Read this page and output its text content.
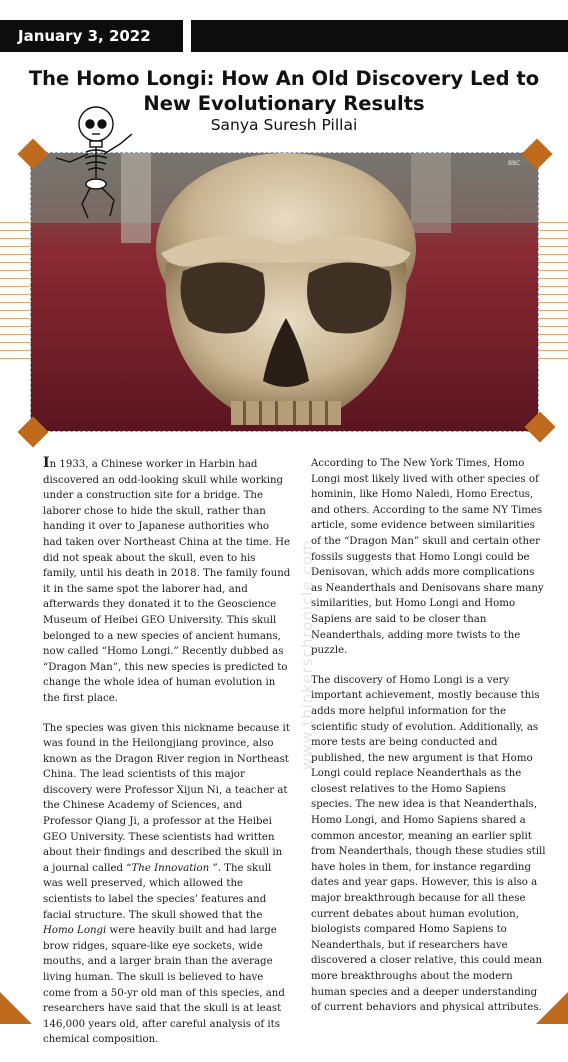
January 3, 2022
The Homo Longi: How An Old Discovery Led to New Evolutionary Results
Sanya Suresh Pillai
BBC

In 1933, a Chinese worker in Harbin had discovered an odd-looking skull while working under a construction site for a bridge. The laborer chose to hide the skull, rather than handing it over to Japanese authorities who had taken over Northeast China at the time. He did not speak about the skull, even to his family, until his death in 2018. The family found it in the same spot the laborer had, and afterwards they donated it to the Geoscience Museum of Heibei GEO University. This skull belonged to a new species of ancient humans, now called “Homo Longi.” Recently dubbed as “Dragon Man”, this new species is predicted to change the whole idea of human evolution in the first place.

The species was given this nickname because it was found in the Heilongjiang province, also known as the Dragon River region in Northeast China. The lead scientists of this major discovery were Professor Xijun Ni, a teacher at the Chinese Academy of Sciences, and Professor Qiang Ji, a professor at the Heibei GEO University. These scientists had written about their findings and described the skull in a journal called “The Innovation ”. The skull was well preserved, which allowed the scientists to label the species’ features and facial structure. The skull showed that the Homo Longi were heavily built and had large brow ridges, square-like eye sockets, wide mouths, and a larger brain than the average living human. The skull is believed to have come from a 50-yr old man of this species, and researchers have said that the skull is at least 146,000 years old, after careful analysis of its chemical composition.

According to The New York Times, Homo Longi most likely lived with other species of hominin, like Homo Naledi, Homo Erectus, and others. According to the same NY Times article, some evidence between similarities of the “Dragon Man” skull and certain other fossils suggests that Homo Longi could be Denisovan, which adds more complications as Neanderthals and Denisovans share many similarities, but Homo Longi and Homo Sapiens are said to be closer than Neanderthals, adding more twists to the puzzle.

The discovery of Homo Longi is a very important achievement, mostly because this adds more helpful information for the scientific study of evolution. Additionally, as more tests are being conducted and published, the new argument is that Homo Longi could replace Neanderthals as the closest relatives to the Homo Sapiens species. The new idea is that Neanderthals, Homo Longi, and Homo Sapiens shared a common ancestor, meaning an earlier split from Neanderthals, though these studies still have holes in them, for instance regarding dates and year gaps. However, this is also a major breakthrough because for all these current debates about human evolution, biologists compared Homo Sapiens to Neanderthals, but if researchers have discovered a closer relative, this could mean more breakthroughs about the modern human species and a deeper understanding of current behaviors and physical attributes.

www.thinkerschronicle.com
